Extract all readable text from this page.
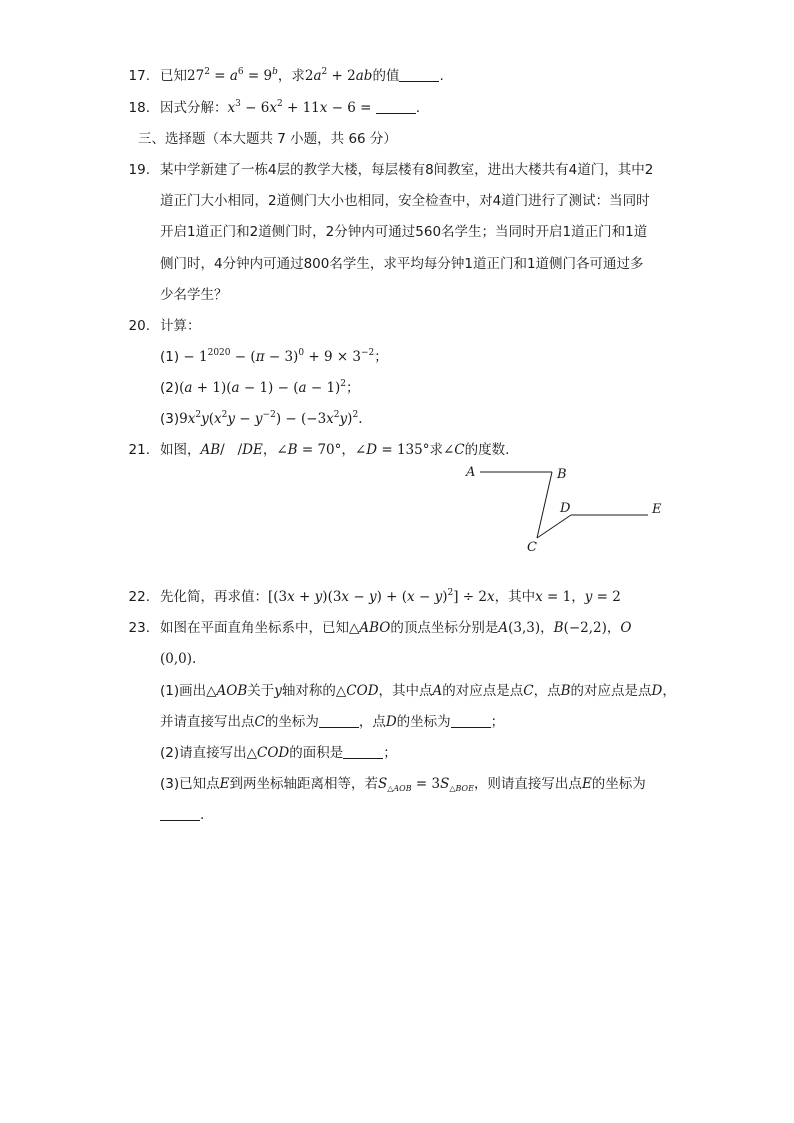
17. 已知$27^2 = a^6 = 9^b$，求$2a^2 + 2ab$的值	.
18. 因式分解：$x^3 - 6x^2 + 11x - 6$ =	.
三、选择题（本大题共 7 小题，共 66 分）
19. 某中学新建了一栋4层的教学大楼，每层楼有8间教室，进出大楼共有4道门，其中2
道正门大小相同，2道侧门大小也相同，安全检查中，对4道门进行了测试：当同时
开启1道正门和2道侧门时，2分钟内可通过560名学生；当同时开启1道正门和1道
侧门时，4分钟内可通过800名学生，求平均每分钟1道正门和1道侧门各可通过多
少名学生？
20. 计算：
$(1) - 1^{2020} - (\pi - 3)^0 + 9 \times 3^{-2}$；
$(2)(a + 1)(a - 1) - (a - 1)^2$；
$(3)9x^2y(x^2y - y^{-2}) - (-3x^2y)^2$.
21. 如图，AB/   /DE，∠B = 70°，∠D = 135°求∠C的度数.
A	B
D	E
C
22. 先化简，再求值：$[(3x + y)(3x - y) + (x - y)^2] \div 2x$，其中x = 1，y = 2
23. 如图在平面直角坐标系中，已知△ABO的顶点坐标分别是A(3,3)，B(−2,2)，O
(0,0).
(1)画出△AOB关于y轴对称的△COD，其中点A的对应点是点C，点B的对应点是点D，
并请直接写出点C的坐标为	，点D的坐标为	；
(2)请直接写出△COD的面积是	；
(3)已知点E到两坐标轴距离相等，若$S_{\triangle AOB} = 3S_{\triangle BOE}$，则请直接写出点E的坐标为
.
